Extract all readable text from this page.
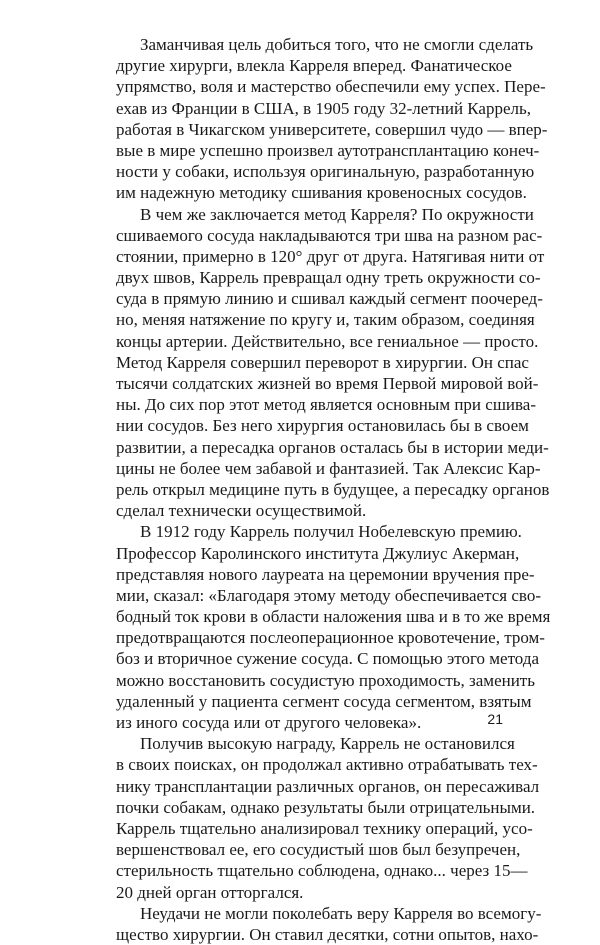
Заманчивая цель добиться того, что не смогли сделать
другие хирурги, влекла Карреля вперед. Фанатическое
упрямство, воля и мастерство обеспечили ему успех. Пере-
ехав из Франции в США, в 1905 году 32-летний Каррель,
работая в Чикагском университете, совершил чудо — впер-
вые в мире успешно произвел аутотрансплантацию конеч-
ности у собаки, используя оригинальную, разработанную
им надежную методику сшивания кровеносных сосудов.
В чем же заключается метод Карреля? По окружности
сшиваемого сосуда накладываются три шва на разном рас-
стоянии, примерно в 120° друг от друга. Натягивая нити от
двух швов, Каррель превращал одну треть окружности со-
суда в прямую линию и сшивал каждый сегмент поочеред-
но, меняя натяжение по кругу и, таким образом, соединяя
концы артерии. Действительно, все гениальное — просто.
Метод Карреля совершил переворот в хирургии. Он спас
тысячи солдатских жизней во время Первой мировой вой-
ны. До сих пор этот метод является основным при сшива-
нии сосудов. Без него хирургия остановилась бы в своем
развитии, а пересадка органов осталась бы в истории меди-
цины не более чем забавой и фантазией. Так Алексис Кар-
рель открыл медицине путь в будущее, а пересадку органов
сделал технически осуществимой.
В 1912 году Каррель получил Нобелевскую премию.
Профессор Каролинского института Джулиус Акерман,
представляя нового лауреата на церемонии вручения пре-
мии, сказал: «Благодаря этому методу обеспечивается сво-
бодный ток крови в области наложения шва и в то же время
предотвращаются послеоперационное кровотечение, тром-
боз и вторичное сужение сосуда. С помощью этого метода
можно восстановить сосудистую проходимость, заменить
удаленный у пациента сегмент сосуда сегментом, взятым
из иного сосуда или от другого человека».
Получив высокую награду, Каррель не остановился
в своих поисках, он продолжал активно отрабатывать тех-
нику трансплантации различных органов, он пересаживал
почки собакам, однако результаты были отрицательными.
Каррель тщательно анализировал технику операций, усо-
вершенствовал ее, его сосудистый шов был безупречен,
стерильность тщательно соблюдена, однако... через 15—
20 дней орган отторгался.
Неудачи не могли поколебать веру Карреля во всемогу-
щество хирургии. Он ставил десятки, сотни опытов, нахо-
21
